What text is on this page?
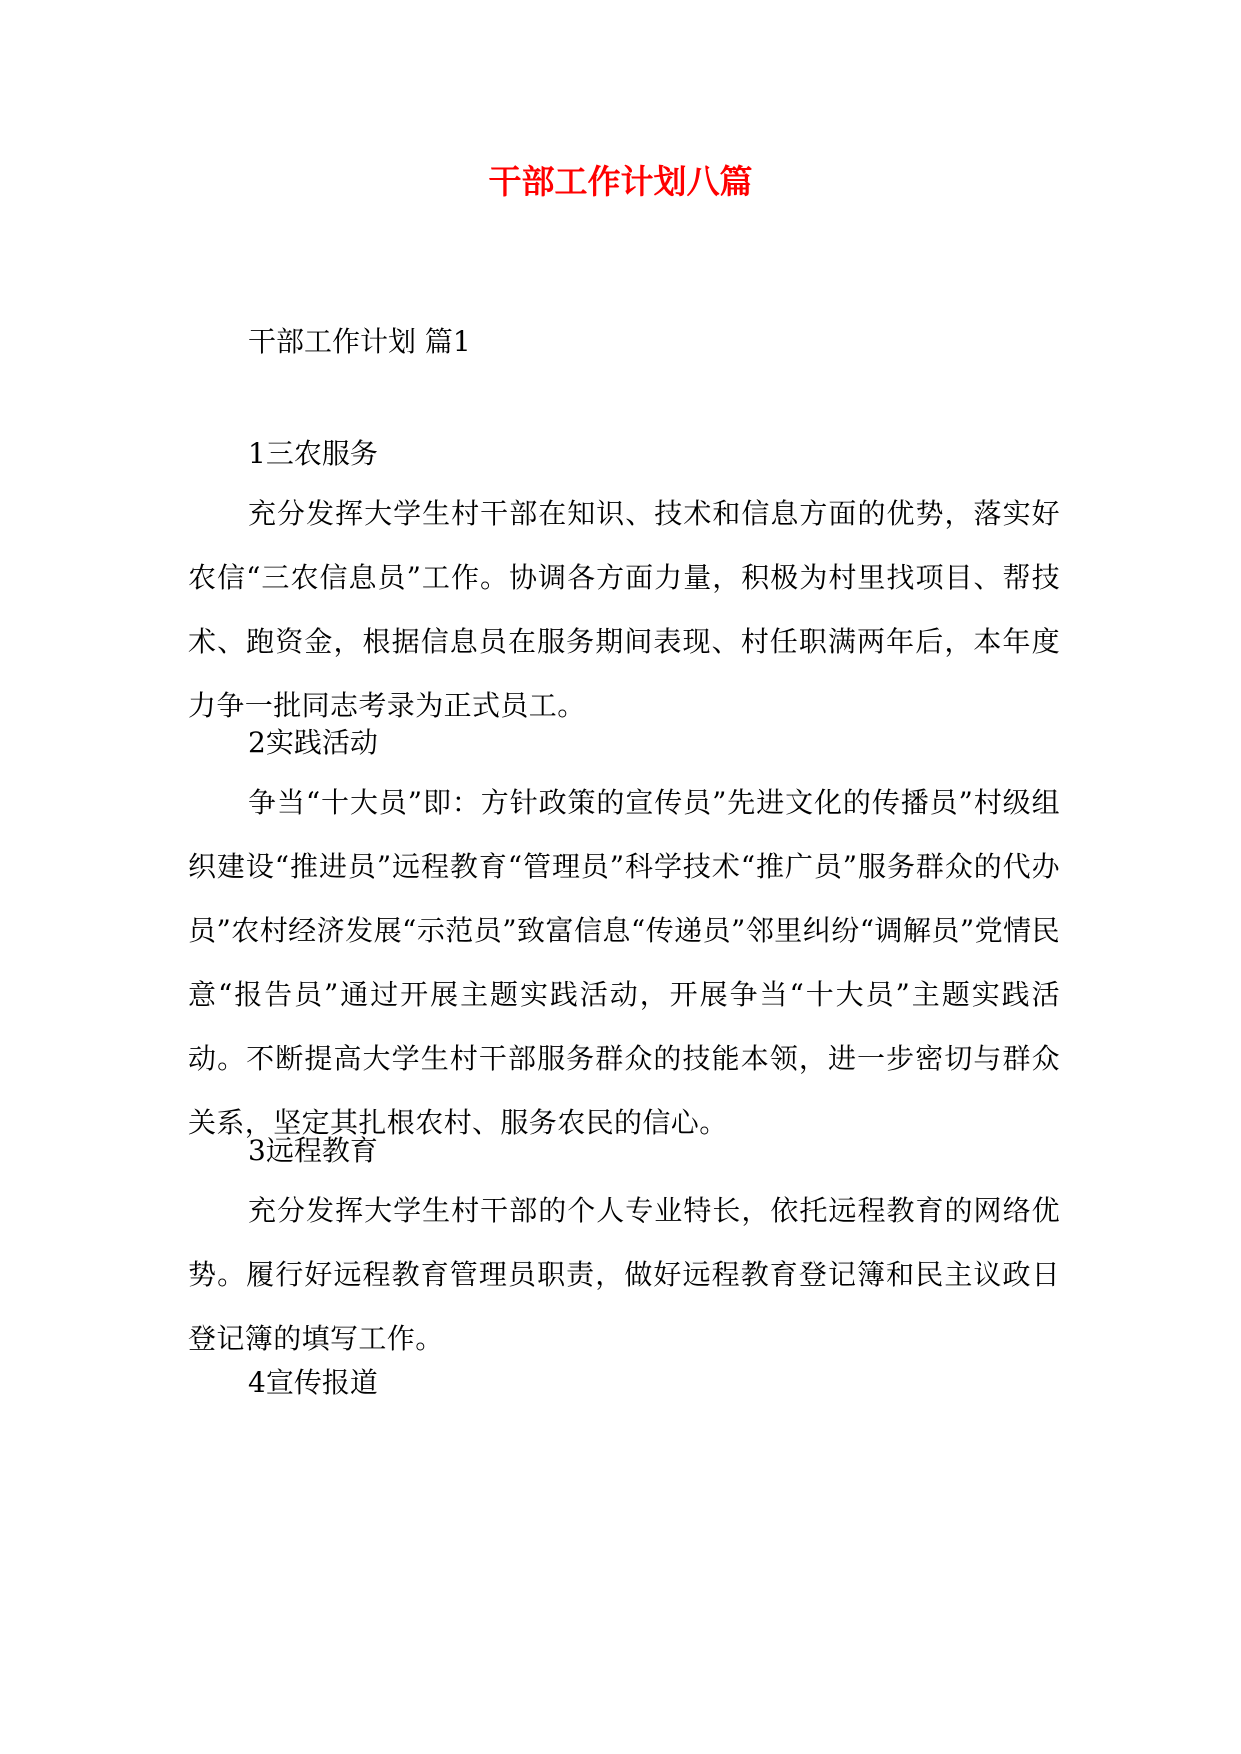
干部工作计划八篇

干部工作计划 篇1

1三农服务

充分发挥大学生村干部在知识、技术和信息方面的优势，落实好农信“三农信息员”工作。协调各方面力量，积极为村里找项目、帮技术、跑资金，根据信息员在服务期间表现、村任职满两年后，本年度力争一批同志考录为正式员工。

2实践活动

争当“十大员”即：方针政策的宣传员”先进文化的传播员”村级组织建设“推进员”远程教育“管理员”科学技术“推广员”服务群众的代办员”农村经济发展“示范员”致富信息“传递员”邻里纠纷“调解员”党情民意“报告员”通过开展主题实践活动，开展争当“十大员”主题实践活动。不断提高大学生村干部服务群众的技能本领，进一步密切与群众关系，坚定其扎根农村、服务农民的信心。

3远程教育

充分发挥大学生村干部的个人专业特长，依托远程教育的网络优势。履行好远程教育管理员职责，做好远程教育登记簿和民主议政日登记簿的填写工作。

4宣传报道
